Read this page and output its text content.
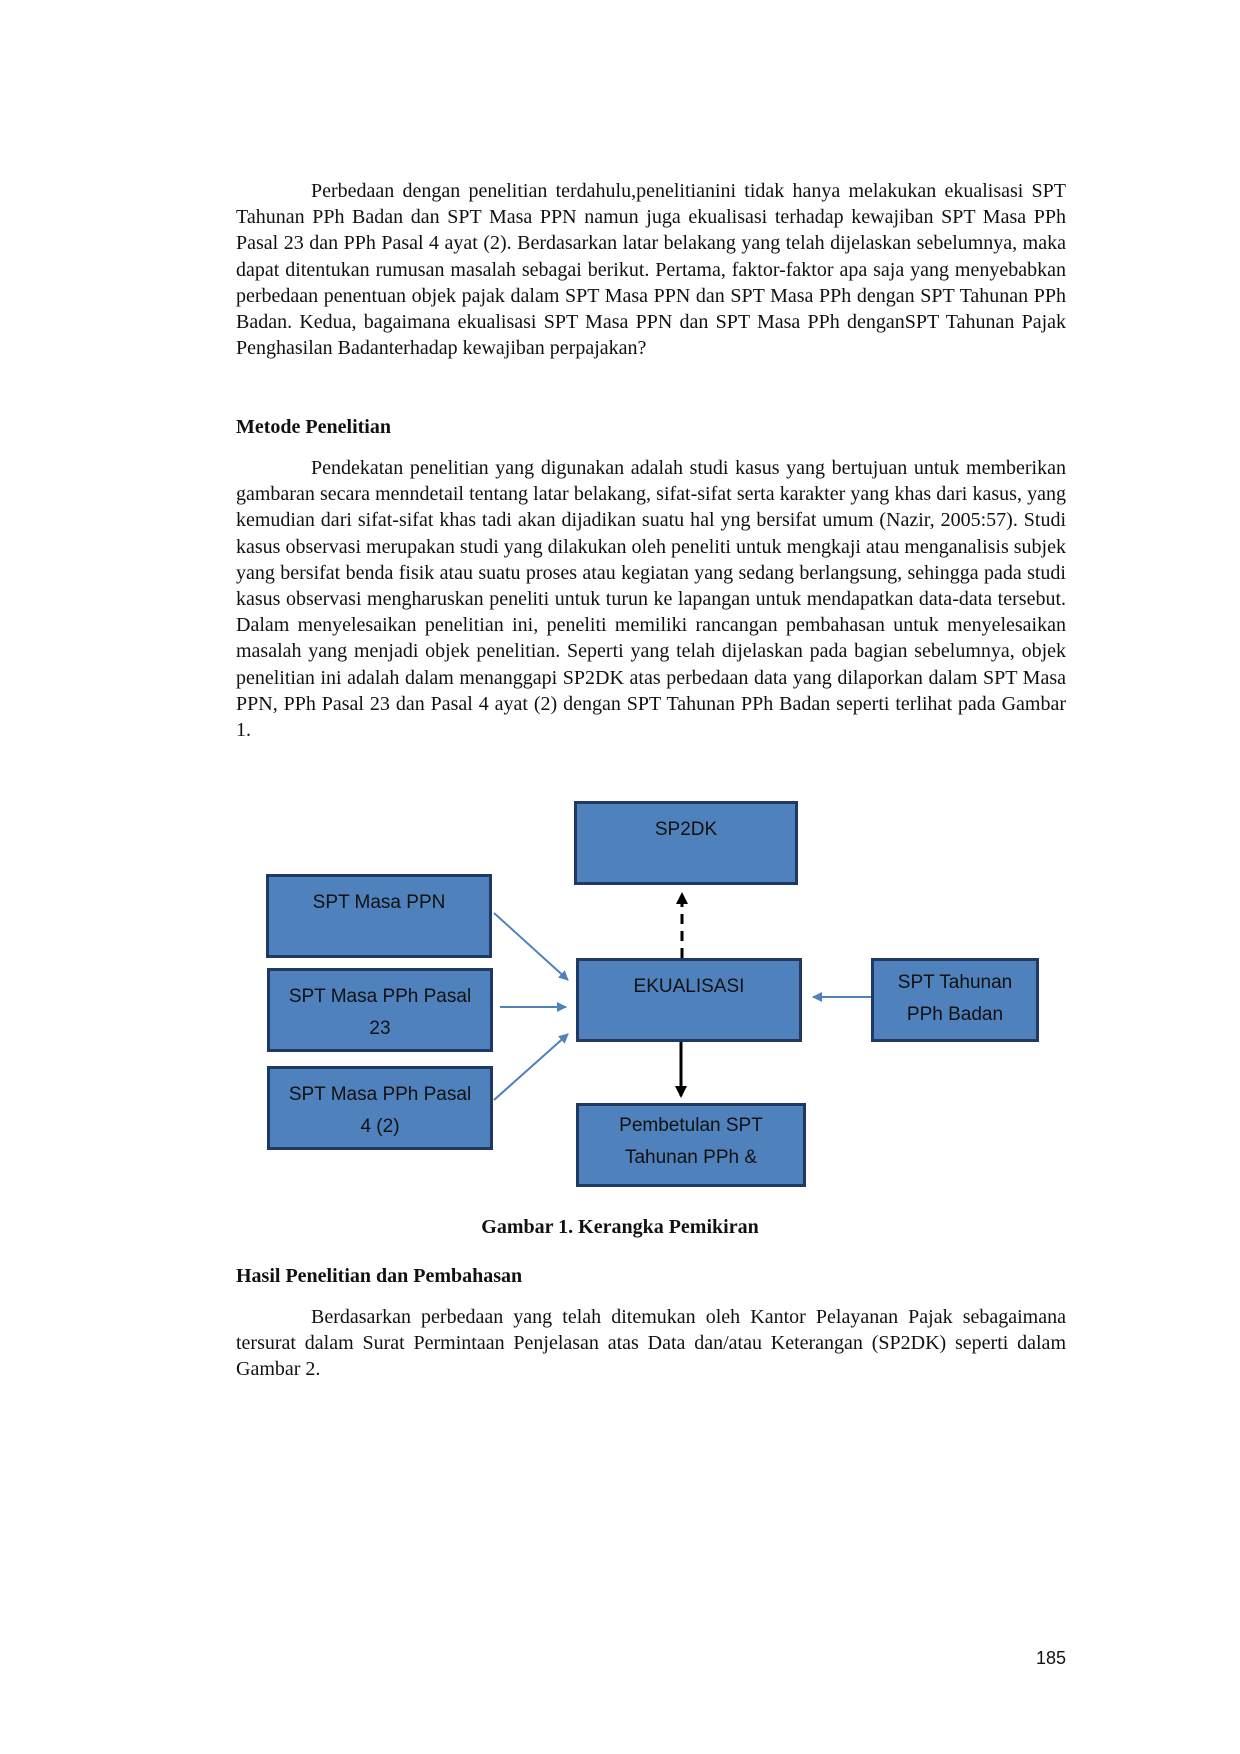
Perbedaan dengan penelitian terdahulu,penelitianini tidak hanya melakukan ekualisasi SPT Tahunan PPh Badan dan SPT Masa PPN namun juga ekualisasi terhadap kewajiban SPT Masa PPh Pasal 23 dan PPh Pasal 4 ayat (2). Berdasarkan latar belakang yang telah dijelaskan sebelumnya, maka dapat ditentukan rumusan masalah sebagai berikut. Pertama, faktor-faktor apa saja yang menyebabkan perbedaan penentuan objek pajak dalam SPT Masa PPN dan SPT Masa PPh dengan SPT Tahunan PPh Badan. Kedua, bagaimana ekualisasi SPT Masa PPN dan SPT Masa PPh denganSPT Tahunan Pajak Penghasilan Badanterhadap kewajiban perpajakan?

Metode Penelitian

Pendekatan penelitian yang digunakan adalah studi kasus yang bertujuan untuk memberikan gambaran secara menndetail tentang latar belakang, sifat-sifat serta karakter yang khas dari kasus, yang kemudian dari sifat-sifat khas tadi akan dijadikan suatu hal yng bersifat umum (Nazir, 2005:57). Studi kasus observasi merupakan studi yang dilakukan oleh peneliti untuk mengkaji atau menganalisis subjek yang bersifat benda fisik atau suatu proses atau kegiatan yang sedang berlangsung, sehingga pada studi kasus observasi mengharuskan peneliti untuk turun ke lapangan untuk mendapatkan data-data tersebut. Dalam menyelesaikan penelitian ini, peneliti memiliki rancangan pembahasan untuk menyelesaikan masalah yang menjadi objek penelitian. Seperti yang telah dijelaskan pada bagian sebelumnya, objek penelitian ini adalah dalam menanggapi SP2DK atas perbedaan data yang dilaporkan dalam SPT Masa PPN, PPh Pasal 23 dan Pasal 4 ayat (2) dengan SPT Tahunan PPh Badan seperti terlihat pada Gambar 1.

SP2DK
SPT Masa PPN
SPT Masa PPh Pasal
23
SPT Masa PPh Pasal
4 (2)
EKUALISASI	SPT Tahunan
PPh Badan
Pembetulan SPT
Tahunan PPh &
Gambar 1. Kerangka Pemikiran
Hasil Penelitian dan Pembahasan

Berdasarkan perbedaan yang telah ditemukan oleh Kantor Pelayanan Pajak sebagaimana tersurat dalam Surat Permintaan Penjelasan atas Data dan/atau Keterangan (SP2DK) seperti dalam Gambar 2.

185
